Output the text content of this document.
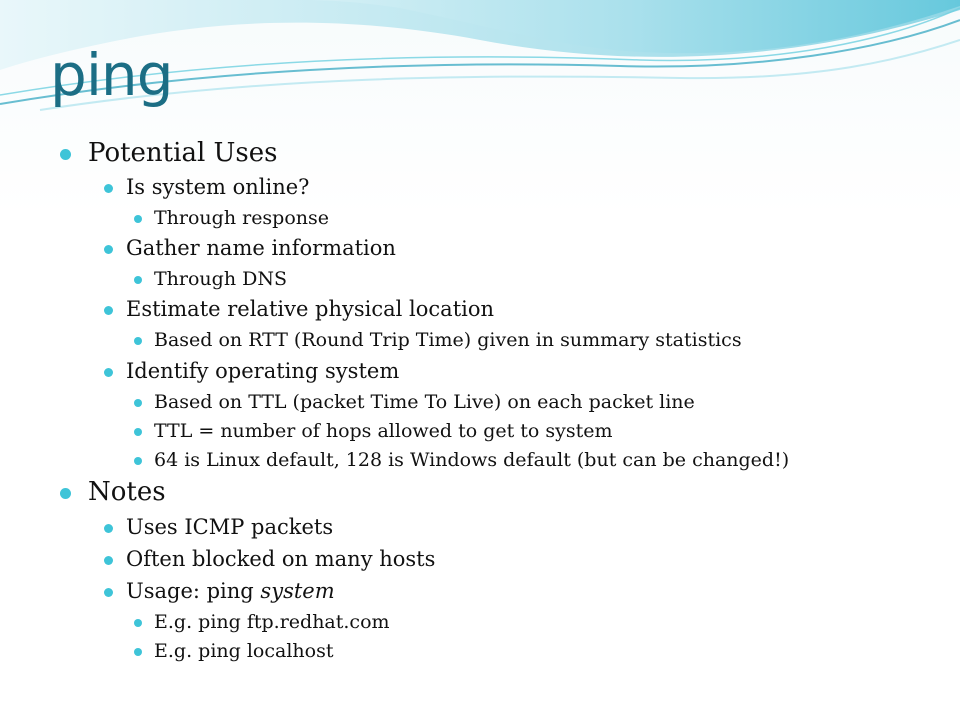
ping
Potential Uses
Is system online?
Through response
Gather name information
Through DNS
Estimate relative physical location
Based on RTT (Round Trip Time) given in summary statistics
Identify operating system
Based on TTL (packet Time To Live) on each packet line
TTL = number of hops allowed to get to system
64 is Linux default, 128 is Windows default (but can be changed!)
Notes
Uses ICMP packets
Often blocked on many hosts
Usage: ping system
E.g. ping ftp.redhat.com
E.g. ping localhost
